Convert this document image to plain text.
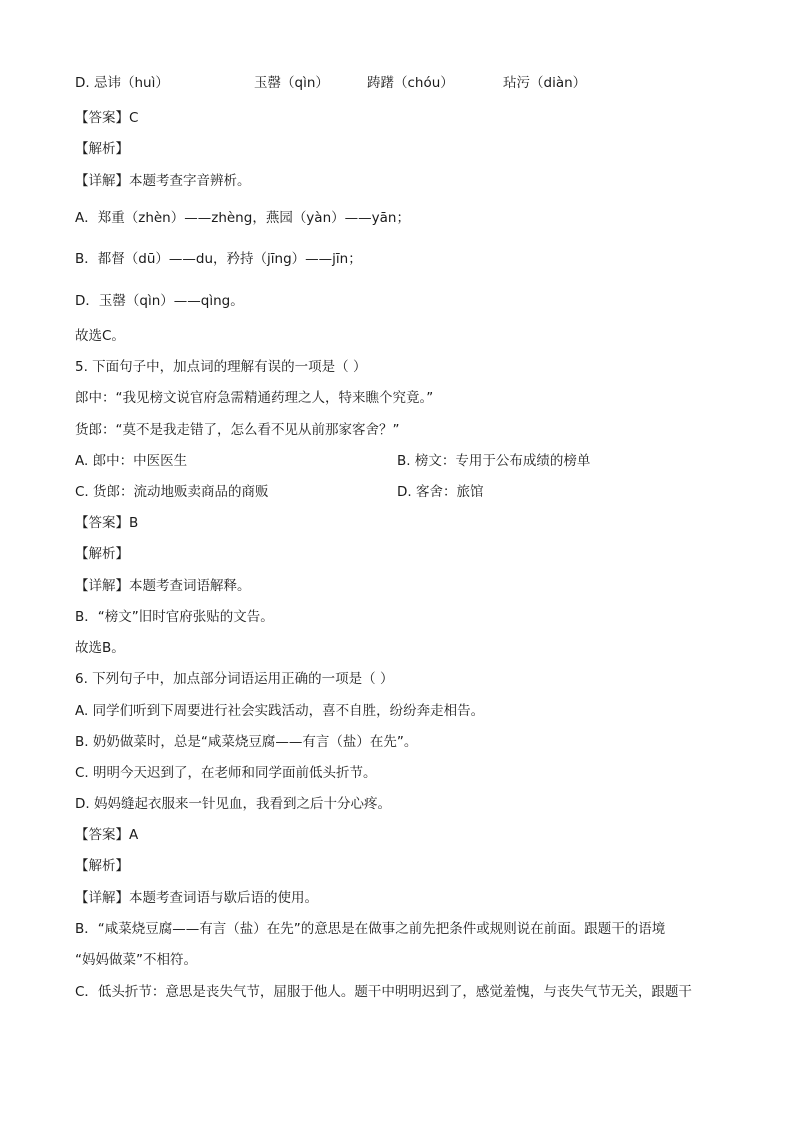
D. 忌讳（huì）	玉罄（qìn）	踌躇（chóu）	玷污（diàn）
【答案】C
【解析】
【详解】本题考查字音辨析。
A．郑重（zhèn）——zhèng，燕园（yàn）——yān；
B．都督（dū）——du，矜持（jīng）——jīn；
D．玉罄（qìn）——qìng。
故选C。
5. 下面句子中，加点词的理解有误的一项是（ ）
郎中：“我见榜文说官府急需精通药理之人，特来瞧个究竟。”
货郎：“莫不是我走错了，怎么看不见从前那家客舍？”
A. 郎中：中医医生	B. 榜文：专用于公布成绩的榜单
C. 货郎：流动地贩卖商品的商贩	D. 客舍：旅馆
【答案】B
【解析】
【详解】本题考查词语解释。
B．“榜文”旧时官府张贴的文告。
故选B。
6. 下列句子中，加点部分词语运用正确的一项是（ ）
A. 同学们听到下周要进行社会实践活动，喜不自胜，纷纷奔走相告。
B. 奶奶做菜时，总是“咸菜烧豆腐——有言（盐）在先”。
C. 明明今天迟到了，在老师和同学面前低头折节。
D. 妈妈缝起衣服来一针见血，我看到之后十分心疼。
【答案】A
【解析】
【详解】本题考查词语与歇后语的使用。
B．“咸菜烧豆腐——有言（盐）在先”的意思是在做事之前先把条件或规则说在前面。跟题干的语境
“妈妈做菜”不相符。
C．低头折节：意思是丧失气节，屈服于他人。题干中明明迟到了，感觉羞愧，与丧失气节无关，跟题干
